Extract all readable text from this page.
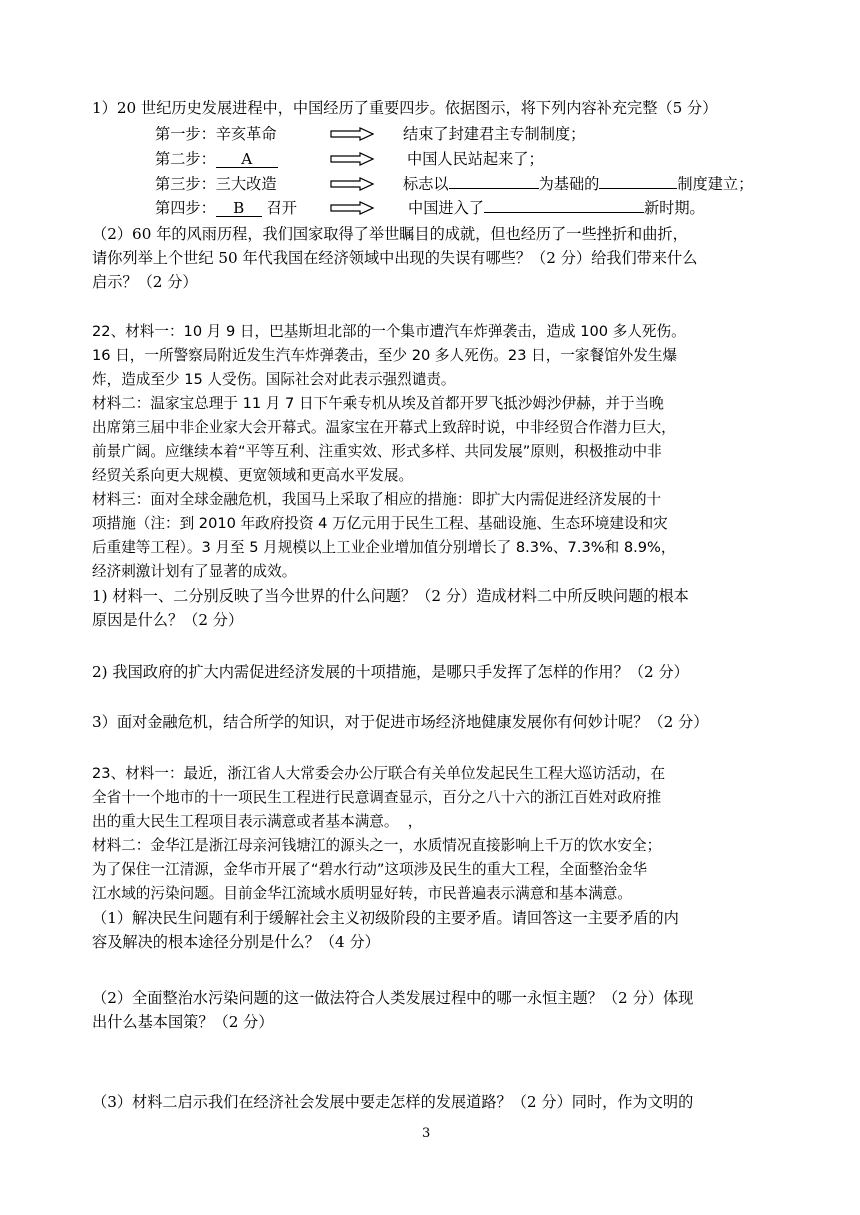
1）20 世纪历史发展进程中，中国经历了重要四步。依据图示，将下列内容补充完整（5 分）
第一步：辛亥革命	结束了封建君主专制制度；
第二步： A	中国人民站起来了；
第三步：三大改造	标志以	为基础的	制度建立；
第四步： B 召开	中国进入了	新时期。
（2）60 年的风雨历程，我们国家取得了举世瞩目的成就，但也经历了一些挫折和曲折，
请你列举上个世纪 50 年代我国在经济领域中出现的失误有哪些？（2 分）给我们带来什么
启示？（2 分）
22、材料一：10 月 9 日，巴基斯坦北部的一个集市遭汽车炸弹袭击，造成 100 多人死伤。
16 日，一所警察局附近发生汽车炸弹袭击，至少 20 多人死伤。23 日，一家餐馆外发生爆
炸，造成至少 15 人受伤。国际社会对此表示强烈谴责。
材料二：温家宝总理于 11 月 7 日下午乘专机从埃及首都开罗飞抵沙姆沙伊赫，并于当晚
出席第三届中非企业家大会开幕式。温家宝在开幕式上致辞时说，中非经贸合作潜力巨大，
前景广阔。应继续本着“平等互利、注重实效、形式多样、共同发展”原则，积极推动中非
经贸关系向更大规模、更宽领域和更高水平发展。
材料三：面对全球金融危机，我国马上采取了相应的措施：即扩大内需促进经济发展的十
项措施（注：到 2010 年政府投资 4 万亿元用于民生工程、基础设施、生态环境建设和灾
后重建等工程）。3 月至 5 月规模以上工业企业增加值分别增长了 8.3%、7.3%和 8.9%，
经济刺激计划有了显著的成效。
1) 材料一、二分别反映了当今世界的什么问题？（2 分）造成材料二中所反映问题的根本
原因是什么？（2 分）
2) 我国政府的扩大内需促进经济发展的十项措施，是哪只手发挥了怎样的作用？（2 分）
3）面对金融危机，结合所学的知识，对于促进市场经济地健康发展你有何妙计呢？（2 分）
23、材料一：最近，浙江省人大常委会办公厅联合有关单位发起民生工程大巡访活动，在
全省十一个地市的十一项民生工程进行民意调查显示，百分之八十六的浙江百姓对政府推
出的重大民生工程项目表示满意或者基本满意。  ，
材料二：金华江是浙江母亲河钱塘江的源头之一，水质情况直接影响上千万的饮水安全；
为了保住一江清源，金华市开展了“碧水行动”这项涉及民生的重大工程，全面整治金华
江水域的污染问题。目前金华江流域水质明显好转，市民普遍表示满意和基本满意。
（1）解决民生问题有利于缓解社会主义初级阶段的主要矛盾。请回答这一主要矛盾的内
容及解决的根本途径分别是什么？（4 分）
（2）全面整治水污染问题的这一做法符合人类发展过程中的哪一永恒主题？（2 分）体现
出什么基本国策？（2 分）
（3）材料二启示我们在经济社会发展中要走怎样的发展道路？（2 分）同时，作为文明的
3
